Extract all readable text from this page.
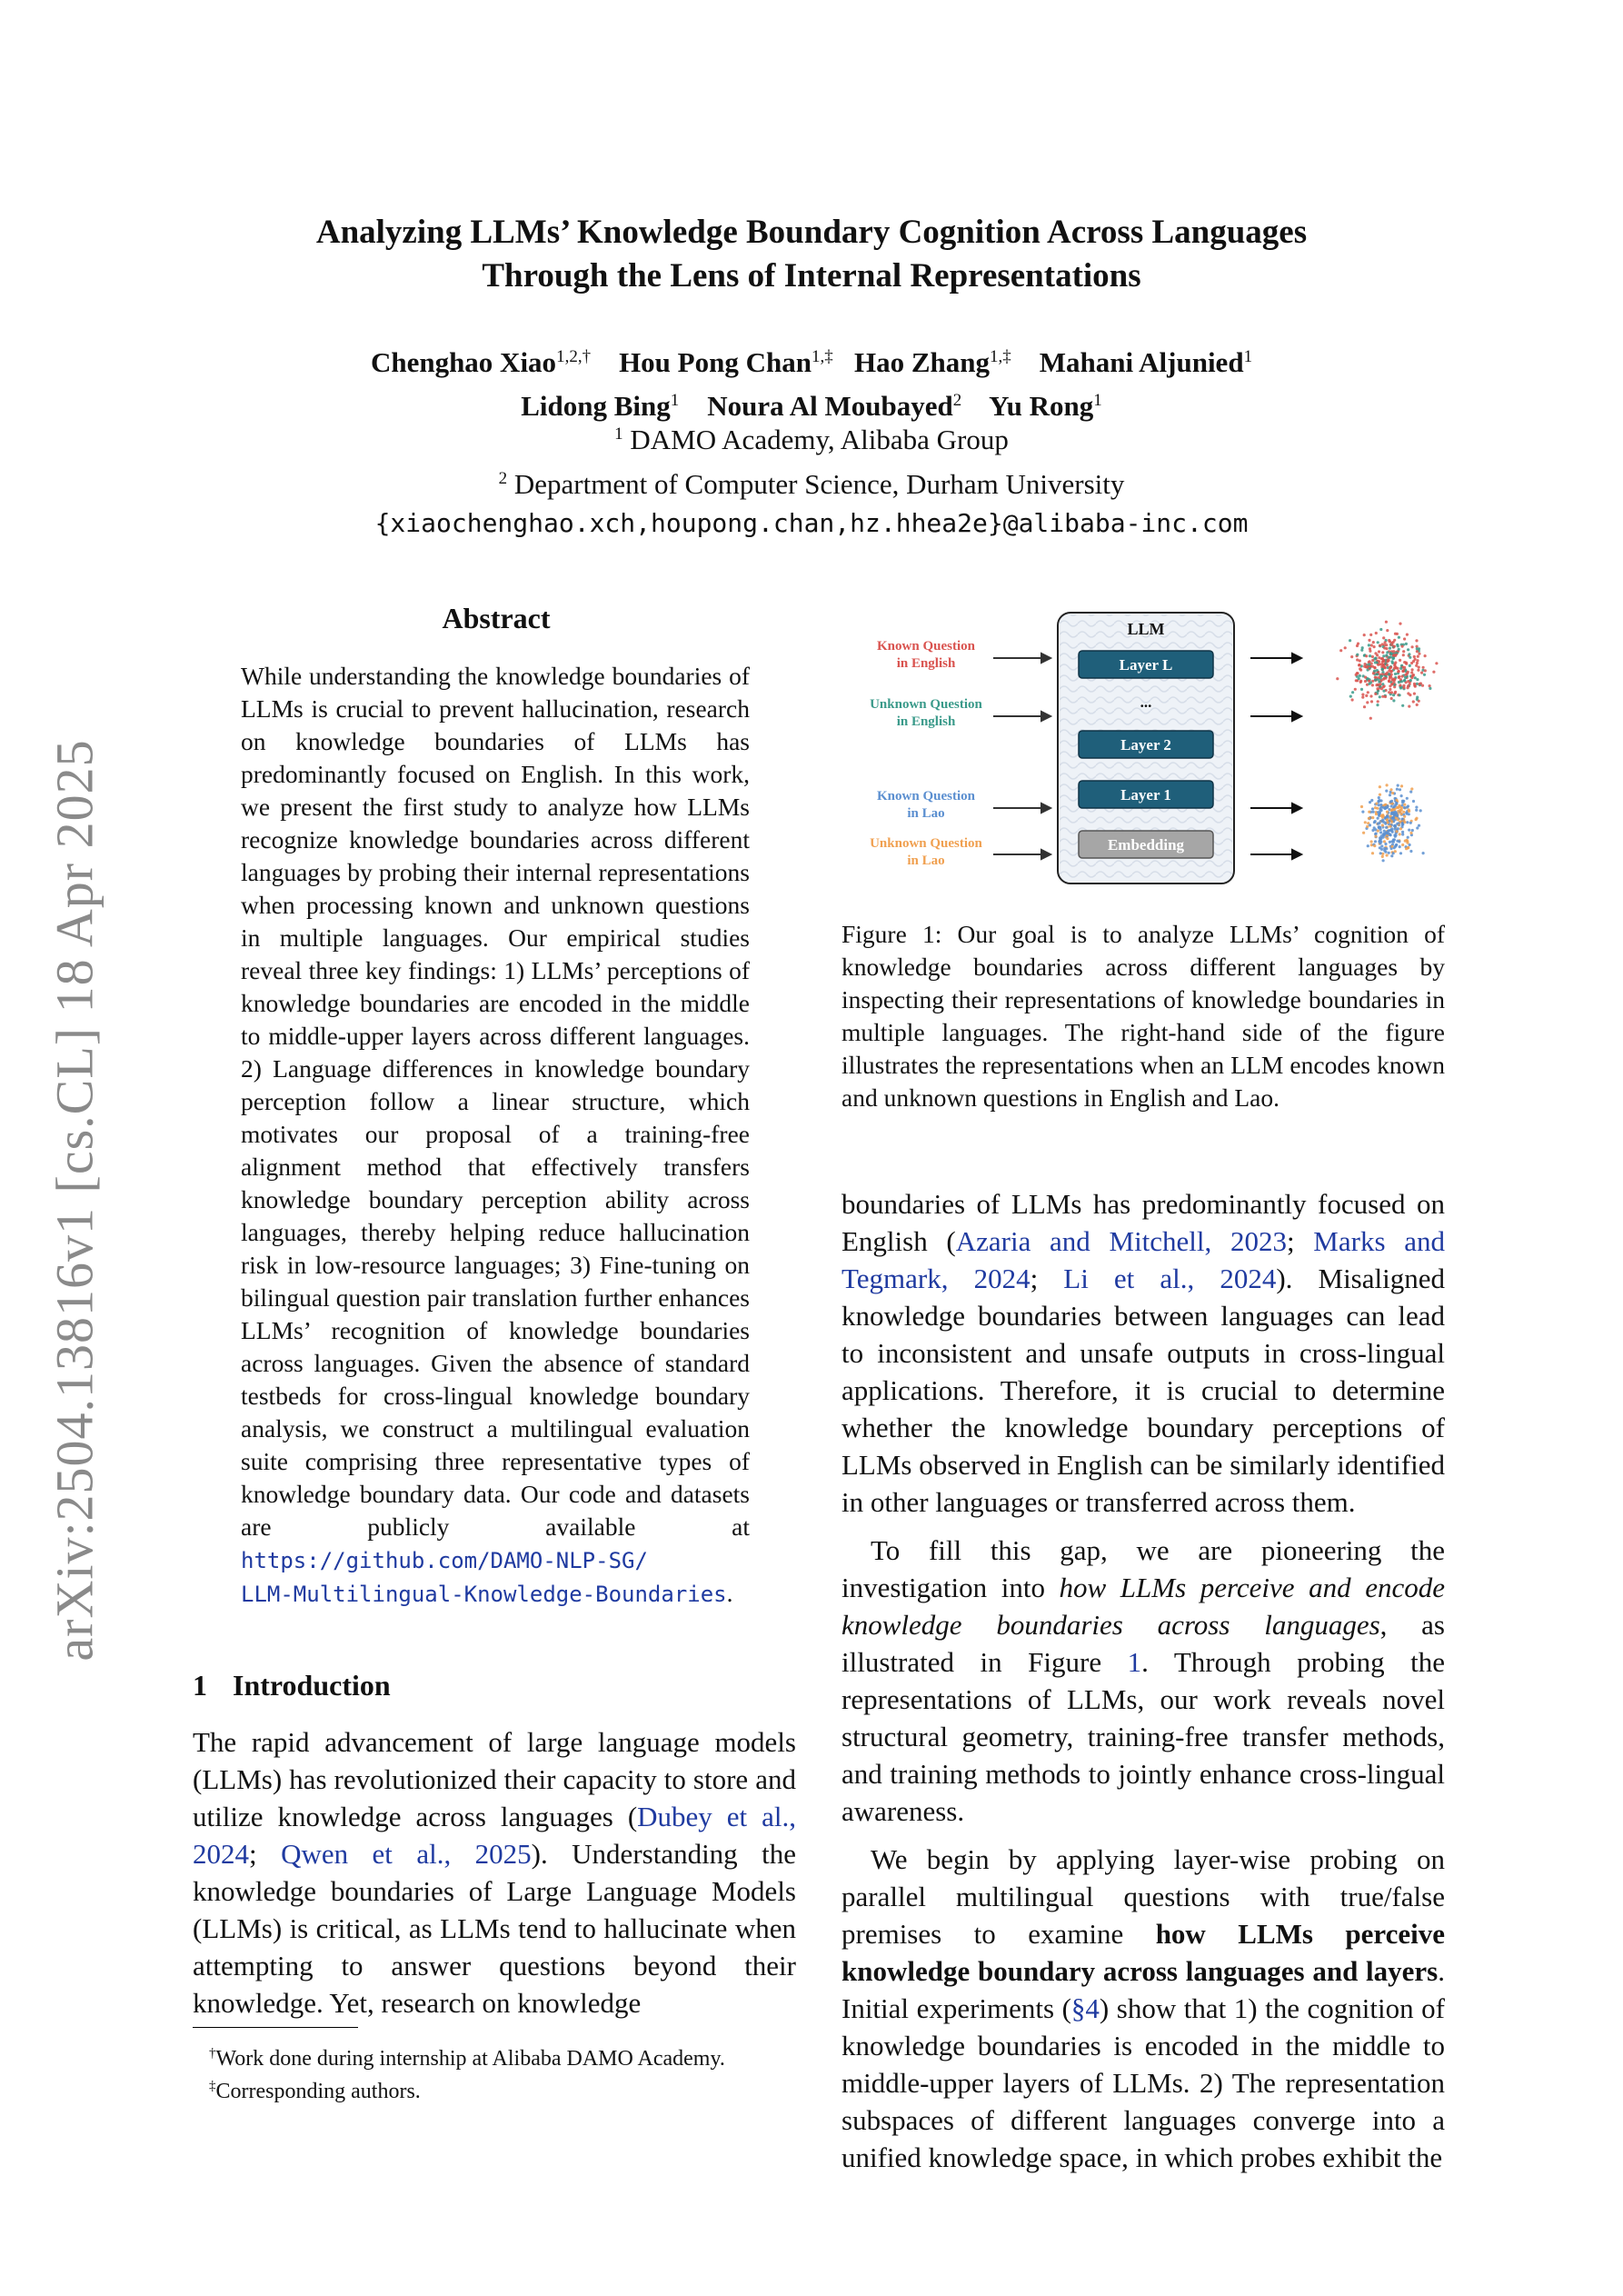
arXiv:2504.13816v1 [cs.CL] 18 Apr 2025
Analyzing LLMs’ Knowledge Boundary Cognition Across Languages
Through the Lens of Internal Representations
Chenghao Xiao$^{1,2,\dagger}$ Hou Pong Chan$^{1,\ddagger}$ Hao Zhang$^{1,\ddagger}$ Mahani Aljunied$^1$
Lidong Bing$^1$ Noura Al Moubayed$^2$ Yu Rong$^1$
$^1$ DAMO Academy, Alibaba Group
$^2$ Department of Computer Science, Durham University
{xiaochenghao.xch,houpong.chan,hz.hhea2e}@alibaba-inc.com
Abstract
While understanding the knowledge boundaries of LLMs is crucial to prevent hallucination, research on knowledge boundaries of LLMs has predominantly focused on English. In this work, we present the first study to analyze how LLMs recognize knowledge boundaries across different languages by probing their internal representations when processing known and unknown questions in multiple languages. Our empirical studies reveal three key findings: 1) LLMs’ perceptions of knowledge boundaries are encoded in the middle to middle-upper layers across different languages. 2) Language differences in knowledge boundary perception follow a linear structure, which motivates our proposal of a training-free alignment method that effectively transfers knowledge boundary perception ability across languages, thereby helping reduce hallucination risk in low-resource languages; 3) Fine-tuning on bilingual question pair translation further enhances LLMs’ recognition of knowledge boundaries across languages. Given the absence of standard testbeds for cross-lingual knowledge boundary analysis, we construct a multilingual evaluation suite comprising three representative types of knowledge boundary data. Our code and datasets are publicly available at https://github.com/DAMO-NLP-SG/
LLM-Multilingual-Knowledge-Boundaries.
1 Introduction
The rapid advancement of large language models (LLMs) has revolutionized their capacity to store and utilize knowledge across languages (Dubey et al., 2024; Qwen et al., 2025). Understanding the knowledge boundaries of Large Language Models (LLMs) is critical, as LLMs tend to hallucinate when attempting to answer questions beyond their knowledge. Yet, research on knowledge
†Work done during internship at Alibaba DAMO Academy.
‡Corresponding authors.
Known Question
in English
Unknown Question
in English
Known Question
in Lao
Unknown Question
in Lao
LLM
Layer L
...
Layer 2
Layer 1
Embedding
Figure 1: Our goal is to analyze LLMs’ cognition of knowledge boundaries across different languages by inspecting their representations of knowledge boundaries in multiple languages. The right-hand side of the figure illustrates the representations when an LLM encodes known and unknown questions in English and Lao.

boundaries of LLMs has predominantly focused on English (Azaria and Mitchell, 2023; Marks and Tegmark, 2024; Li et al., 2024). Misaligned knowledge boundaries between languages can lead to inconsistent and unsafe outputs in cross-lingual applications. Therefore, it is crucial to determine whether the knowledge boundary perceptions of LLMs observed in English can be similarly identified in other languages or transferred across them.

To fill this gap, we are pioneering the investigation into how LLMs perceive and encode knowledge boundaries across languages, as illustrated in Figure 1. Through probing the representations of LLMs, our work reveals novel structural geometry, training-free transfer methods, and training methods to jointly enhance cross-lingual awareness.

We begin by applying layer-wise probing on parallel multilingual questions with true/false premises to examine how LLMs perceive knowledge boundary across languages and layers. Initial experiments (§4) show that 1) the cognition of knowledge boundaries is encoded in the middle to middle-upper layers of LLMs. 2) The representation subspaces of different languages converge into a unified knowledge space, in which probes exhibit the
